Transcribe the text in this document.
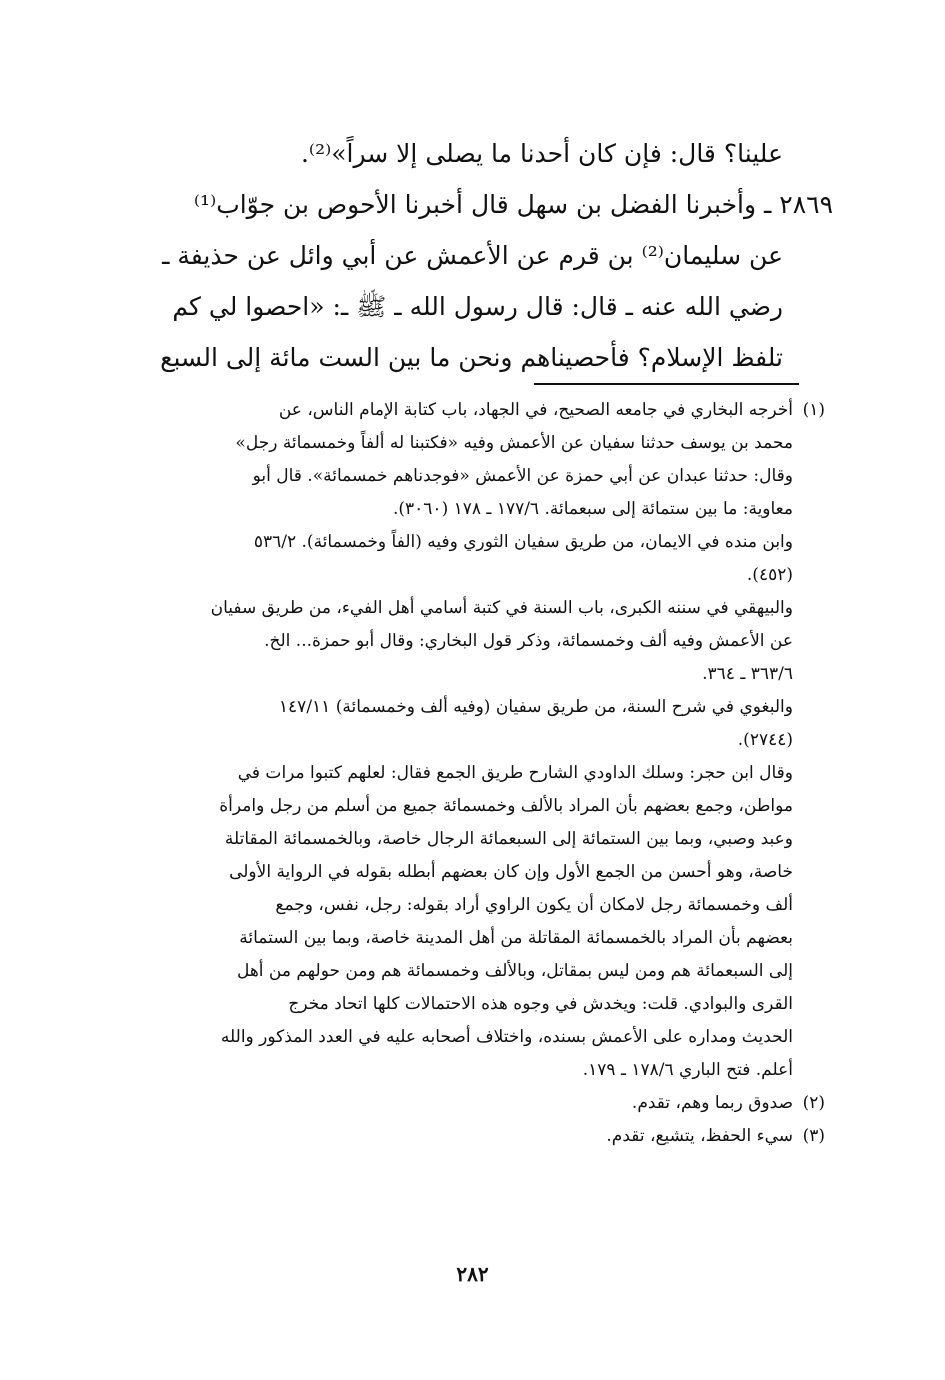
علينا؟ قال: فإن كان أحدنا ما يصلى إلا سراً»⁽²⁾.

٢٨٦٩ ـ وأخبرنا الفضل بن سهل قال أخبرنا الأحوص بن جوّاب⁽¹⁾

عن سليمان⁽²⁾ بن قرم عن الأعمش عن أبي وائل عن حذيفة ـ

رضي الله عنه ـ قال: قال رسول الله ـ ﷺ ـ: «احصوا لي كم

تلفظ الإسلام؟ فأحصيناهم ونحن ما بين الست مائة إلى السبع

(١)أخرجه البخاري في جامعه الصحيح، في الجهاد، باب كتابة الإمام الناس، عن

محمد بن يوسف حدثنا سفيان عن الأعمش وفيه «فكتبنا له ألفاً وخمسمائة رجل»

وقال: حدثنا عبدان عن أبي حمزة عن الأعمش «فوجدناهم خمسمائة». قال أبو

معاوية: ما بين ستمائة إلى سبعمائة. ١٧٧/٦ ـ ١٧٨ (٣٠٦٠).

وابن منده في الايمان، من طريق سفيان الثوري وفيه (الفاً وخمسمائة). ٥٣٦/٢

(٤٥٢).

والبيهقي في سننه الكبرى، باب السنة في كتبة أسامي أهل الفيء، من طريق سفيان

عن الأعمش وفيه ألف وخمسمائة، وذكر قول البخاري: وقال أبو حمزة... الخ.

٣٦٣/٦ ـ ٣٦٤.

والبغوي في شرح السنة، من طريق سفيان (وفيه ألف وخمسمائة) ١٤٧/١١

(٢٧٤٤).

وقال ابن حجر: وسلك الداودي الشارح طريق الجمع فقال: لعلهم كتبوا مرات في

مواطن، وجمع بعضهم بأن المراد بالألف وخمسمائة جميع من أسلم من رجل وامرأة

وعبد وصبي، وبما بين الستمائة إلى السبعمائة الرجال خاصة، وبالخمسمائة المقاتلة

خاصة، وهو أحسن من الجمع الأول وإن كان بعضهم أبطله بقوله في الرواية الأولى

ألف وخمسمائة رجل لامكان أن يكون الراوي أراد بقوله: رجل، نفس، وجمع

بعضهم بأن المراد بالخمسمائة المقاتلة من أهل المدينة خاصة، وبما بين الستمائة

إلى السبعمائة هم ومن ليس بمقاتل، وبالألف وخمسمائة هم ومن حولهم من أهل

القرى والبوادي. قلت: ويخدش في وجوه هذه الاحتمالات كلها اتحاد مخرج

الحديث ومداره على الأعمش بسنده، واختلاف أصحابه عليه في العدد المذكور والله

أعلم. فتح الباري ١٧٨/٦ ـ ١٧٩.

(٢)صدوق ربما وهم، تقدم.

(٣)سيء الحفظ، يتشيع، تقدم.

٢٨٢
